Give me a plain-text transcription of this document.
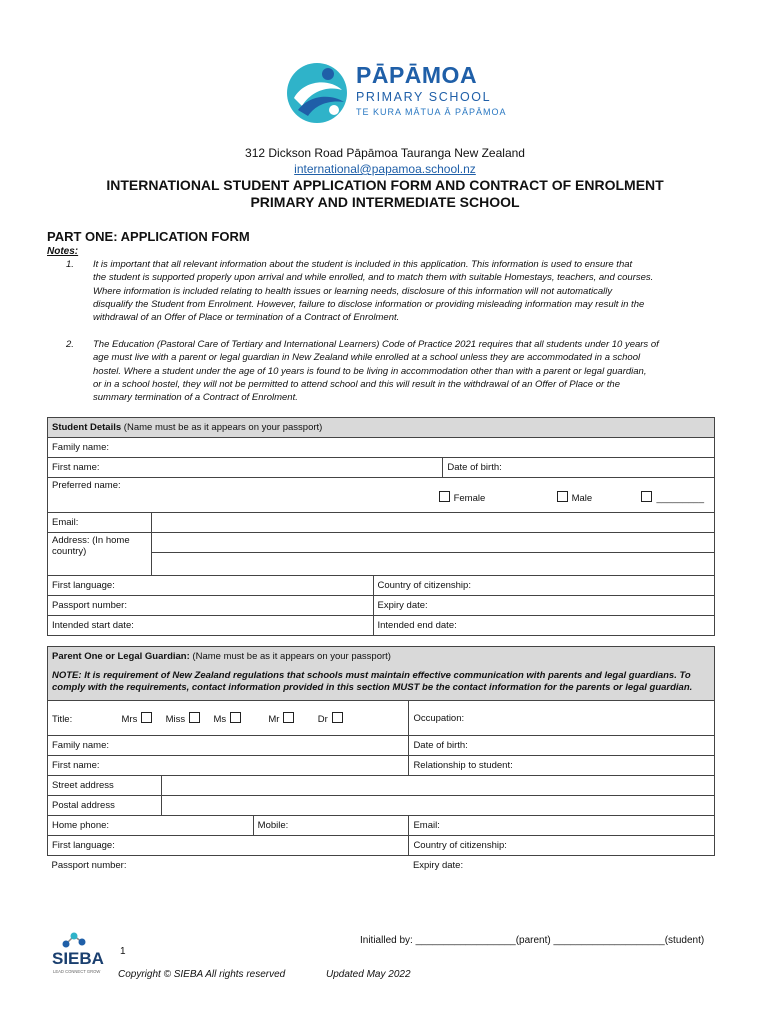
PĀPĀMOA
PRIMARY SCHOOL
TE KURA MĀTUA Ā PĀPĀMOA
312 Dickson Road Pāpāmoa Tauranga New Zealand
international@papamoa.school.nz
INTERNATIONAL STUDENT APPLICATION FORM AND CONTRACT OF ENROLMENT
PRIMARY AND INTERMEDIATE SCHOOL
PART ONE: APPLICATION FORM
Notes:
1. It is important that all relevant information about the student is included in this application. This information is used to ensure that
the student is supported properly upon arrival and while enrolled, and to match them with suitable Homestays, teachers, and courses.
Where information is included relating to health issues or learning needs, disclosure of this information will not automatically
disqualify the Student from Enrolment. However, failure to disclose information or providing misleading information may result in the
withdrawal of an Offer of Place or termination of a Contract of Enrolment.
2. The Education (Pastoral Care of Tertiary and International Learners) Code of Practice 2021 requires that all students under 10 years of
age must live with a parent or legal guardian in New Zealand while enrolled at a school unless they are accommodated in a school
hostel. Where a student under the age of 10 years is found to be living in accommodation other than with a parent or legal guardian,
or in a school hostel, they will not be permitted to attend school and this will result in the withdrawal of an Offer of Place or the
summary termination of a Contract of Enrolment.
Student Details (Name must be as it appears on your passport)			
Family name:			
First name:			Date of birth:

Preferred name:
Female Male _________			

Email:			
Address: (In home country)			

First language:		Country of citizenship:	
Passport number:		Expiry date:	
Intended start date:		Intended end date:	
Parent One or Legal Guardian: (Name must be as it appears on your passport)
NOTE: It is requirement of New Zealand regulations that schools must maintain effective communication with parents and legal guardians. To comply with the requirements, contact information provided in this section MUST be the contact information for the parents or legal guardian.			

Title: Mrs Miss Ms Mr Dr			Occupation:
Family name:			Date of birth:
First name:			Relationship to student:
Street address			
Postal address			
Home phone:		Mobile:	Email:
First language:			Country of citizenship:
Passport number:			Expiry date:
Initialled by: __________________(parent) ____________________(student)
SIEBA
LEAD CONNECT GROW
1
Copyright © SIEBA All rights reserved	Updated May 2022
